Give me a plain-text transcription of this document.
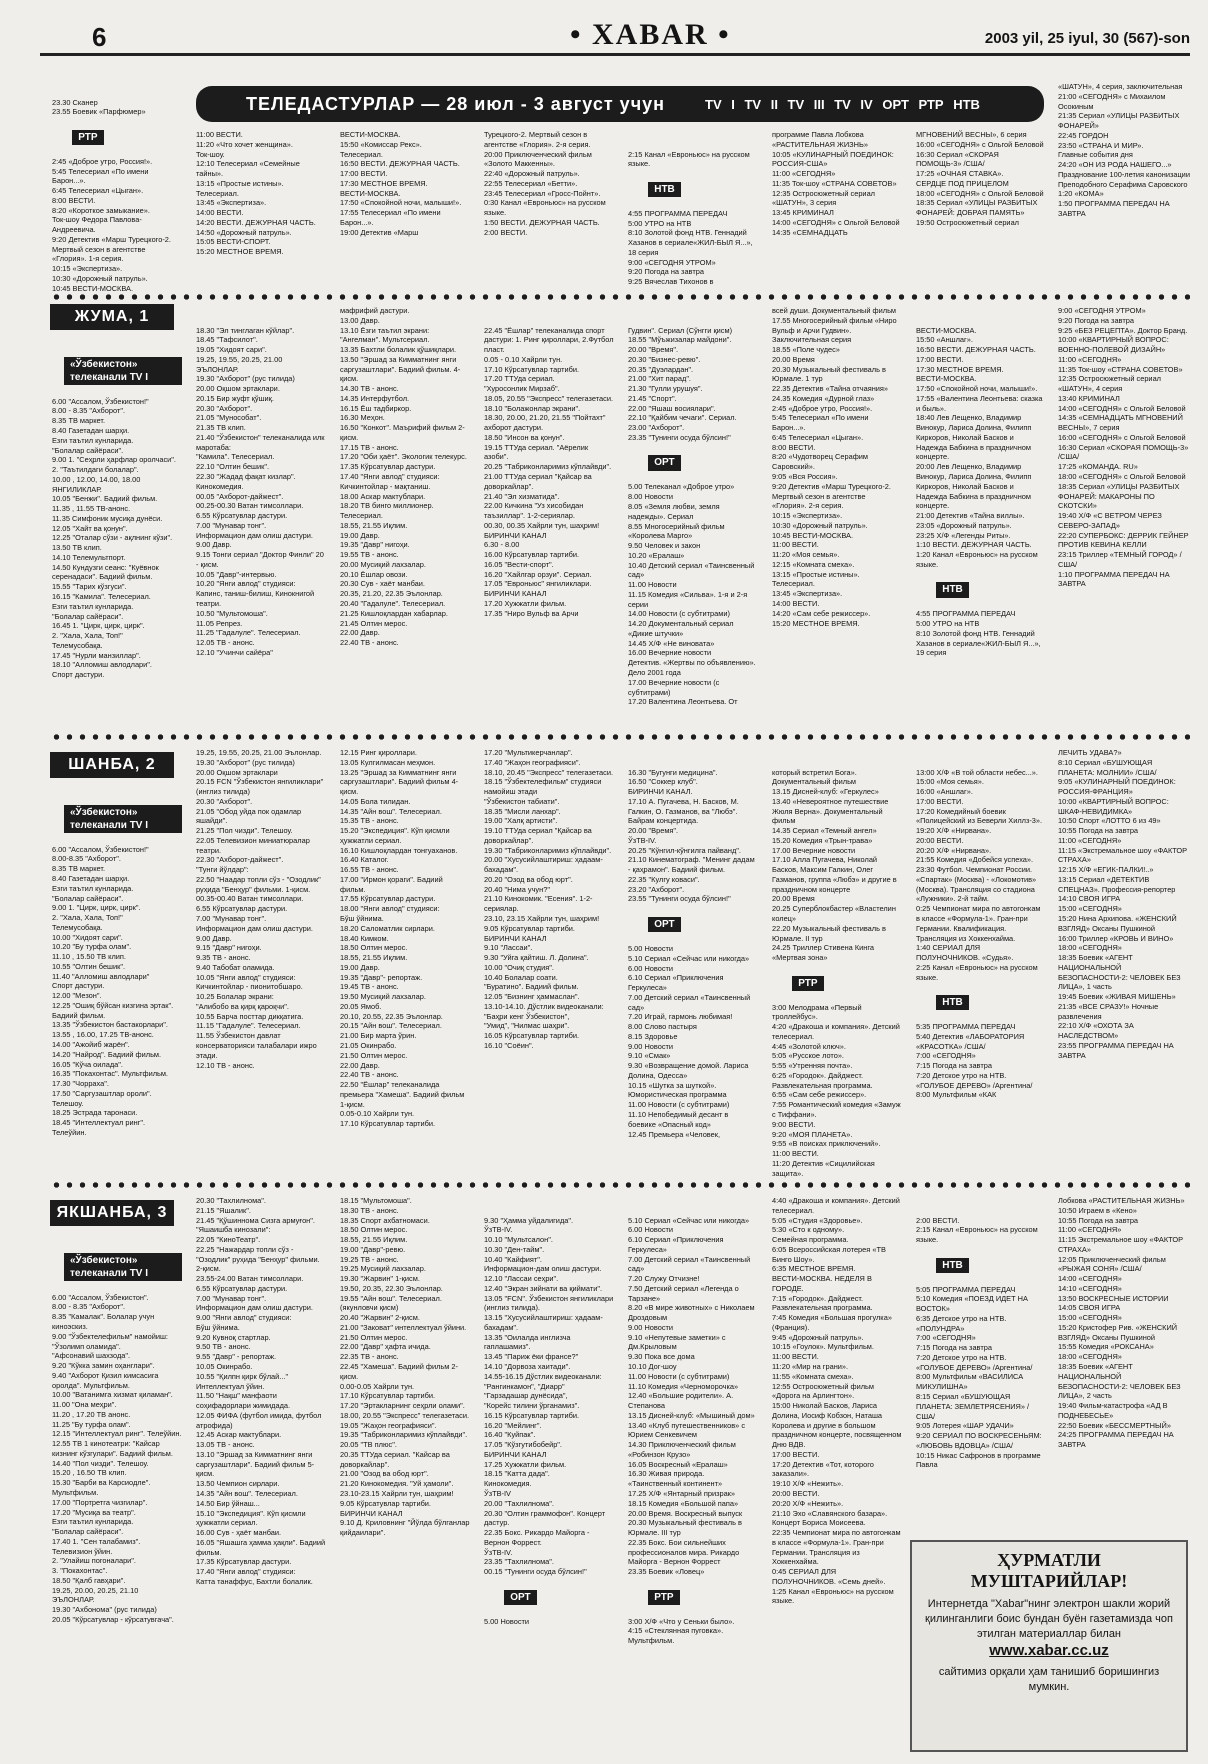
6	• XABAR •	2003 yil, 25 iyul, 30 (567)-son
ТЕЛЕДАСТУРЛАР — 28 июл - 3 август учун	TV I TV II TV III TV IV ОРТ РТР НТВ

23.30 Сканер
23.55 Боевик «Парфюмер»

РТР

2:45 «Доброе утро, Россия!».
5:45 Телесериал «По имени Барон...».
6:45 Телесериал «Цыган».
8:00 ВЕСТИ.
8:20 «Короткое замыкание».
Ток-шоу Федора Павлова-Андреевича.
9:20 Детектив «Марш Турецкого-2. Мертвый сезон в агентстве «Глория». 1-я серия.
10:15 «Экспертиза».
10:30 «Дорожный патруль».
10:45 ВЕСТИ-МОСКВА.

11:00 ВЕСТИ.
11:20 «Что хочет женщина».
Ток-шоу.
12:10 Телесериал «Семейные тайны».
13:15 «Простые истины».
Телесериал.
13:45 «Экспертиза».
14:00 ВЕСТИ.
14:20 ВЕСТИ. ДЕЖУРНАЯ ЧАСТЬ.
14:50 «Дорожный патруль».
15:05 ВЕСТИ-СПОРТ.
15:20 МЕСТНОЕ ВРЕМЯ.
ВЕСТИ-МОСКВА.
15:50 «Комиссар Рекс».
Телесериал.
16:50 ВЕСТИ. ДЕЖУРНАЯ ЧАСТЬ.
17:00 ВЕСТИ.
17:30 МЕСТНОЕ ВРЕМЯ.
ВЕСТИ-МОСКВА.
17:50 «Спокойной ночи, малыши!».
17:55 Телесериал «По имени Барон...».
19:00 Детектив «Марш
Турецкого-2. Мертвый сезон в агентстве «Глория». 2-я серия.
20:00 Приключенческий фильм «Золото Маккенны».
22:40 «Дорожный патруль».
22:55 Телесериал «Бетти».
23:45 Телесериал «Гросс-Пойнт».
0:30 Канал «Евроньюс» на русском языке.
1:50 ВЕСТИ. ДЕЖУРНАЯ ЧАСТЬ.
2:00 ВЕСТИ.

2:15 Канал «Евроньюс» на русском языке.

НТВ

4:55 ПРОГРАММА ПЕРЕДАЧ
5:00 УТРО на НТВ
8:10 Золотой фонд НТВ. Геннадий Хазанов в сериале«ЖИЛ-БЫЛ Я...», 18 серия
9:00 «СЕГОДНЯ УТРОМ»
9:20 Погода на завтра
9:25 Вячеслав Тихонов в

программе Павла Лобкова «РАСТИТЕЛЬНАЯ ЖИЗНЬ»
10:05 «КУЛИНАРНЫЙ ПОЕДИНОК: РОССИЯ-США»
11:00 «СЕГОДНЯ»
11:35 Ток-шоу «СТРАНА СОВЕТОВ»
12:35 Остросюжетный сериал «ШАТУН», 3 серия
13:45 КРИМИНАЛ
14:00 «СЕГОДНЯ» с Ольгой Беловой
14:35 «СЕМНАДЦАТЬ
МГНОВЕНИЙ ВЕСНЫ», 6 серия
16:00 «СЕГОДНЯ» с Ольгой Беловой
16:30 Сериал «СКОРАЯ ПОМОЩЬ-3» /США/
17:25 «ОЧНАЯ СТАВКА».
СЕРДЦЕ ПОД ПРИЦЕЛОМ
18:00 «СЕГОДНЯ» с Ольгой Беловой
18:35 Сериал «УЛИЦЫ РАЗБИТЫХ ФОНАРЕЙ: ДОБРАЯ ПАМЯТЬ»
19:50 Остросюжетный сериал
«ШАТУН», 4 серия, заключительная
21:00 «СЕГОДНЯ» с Михаилом Осокиным
21:35 Сериал «УЛИЦЫ РАЗБИТЫХ ФОНАРЕЙ»
22:45 ГОРДОН
23:50 «СТРАНА И МИР».
Главные события дня
24:20 «ОН ИЗ РОДА НАШЕГО...» Празднование 100-летия канонизации Преподобного Серафима Саровского
1:20 «КОМА»
1:50 ПРОГРАММА ПЕРЕДАЧ НА ЗАВТРА
ЖУМА, 1

«Ўзбекистон» телеканали TV I

6.00 "Ассалом, Ўзбекистон!"
8.00 - 8.35 "Ахборот".
8.35 ТВ маркет.
8.40 Газетадан шарҳи.
Езги таътил кунларида.
"Болалар сайёраси".
9.00 1. "Сеҳрли ҳарфлар оролчаси".
2. "Таътилдаги болалар".
10.00 , 12.00, 14.00, 18.00 ЯНГИЛИКЛАР.
10.05 "Бенжи". Бадиий фильм.
11.35 , 11.55 ТВ-анонс.
11.35 Симфоник мусиқа дунёси.
12.05 "Хайт ва қонун".
12.25 "Оталар сўзи - ақлнинг кўзи".
13.50 ТВ клип.
14.10 Телемультпорт.
14.50 Кундузги сеанс: "Куёвнок серенадаси". Бадиий фильм.
15.55 "Тарих кўзгуси".
16.15 "Камила". Телесериал.
Езги таътил кунларида.
"Болалар сайёраси".
16.45 1. "Цирк, цирк, цирк".
2. "Хала, Хала, Топ!"
Телемусобақа.
17.45 "Нурли манзиллар".
18.10 "Алломиш авлодлари".
Спорт дастури.

18.30 "Эл тинглаган кўйлар".
18.45 "Тафсилот".
19.05 "Хидоят сари".
19.25, 19.55, 20.25, 21.00 ЭЪЛОНЛАР.
19.30 "Ахборот" (рус тилида)
20.00 Оқшом эртаклари.
20.15 Бир жуфт қўшиқ.
20.30 "Ахборот".
21.05 "Мунособат".
21.35 ТВ клип.
21.40 "Ўзбекистон" телеканалида илк маротаба:
"Камила". Телесериал.
22.10 "Олтин бешик".
22.30 "Жадад фақат кизлар".
Кинокомедия.
00.05 "Ахборот-дайжест".
00.25-00.30 Ватан тимсоллари.
6.55 Кўрсатувлар дастури.
7.00 "Мунавар тонг".
Информацион дам олиш дастури.
9.00 Давр.
9.15 Тонги сериал "Доктор Финли" 20 - қисм.
10.05 "Давр"-интервью.
10.20 "Янги авлод" студияси:
Капинс, таниш-билиш, Кинокнигой театри.
10.50 "Мультомоша".
11.05 Репрез.
11.25 "Гадалуле". Телесериал.
12.05 ТВ - анонс.
12.10 "Учинчи сайёра"

мафрифий дастури.
13.00 Давр.
13.10 Ёзги таътил экрани:
"Ангелман". Мультсериал.
13.35 Бахтли болалик қўшиқлари.
13.50 "Эршад за Кимматнинг янги саргузаштлари". Бадиий фильм. 4-қисм.
14.30 ТВ - анонс.
14.35 Интерфутбол.
16.15 Ёш тадбиркор.
16.30 Меҳон.
16.50 "Конкот". Маърифий фильм 2-қисм.
17.15 ТВ - анонс.
17.20 "Оби ҳаёт". Экологик телекурс.
17.35 Кўрсатувлар дастури.
17.40 "Янги авлод" студияси:
Кичкинтойлар - мақтаниш.
18.00 Аскар мактублари.
18.20 ТВ бинго миллионер.
Телесериал.
18.55, 21.55 Иқлим.
19.00 Давр.
19.35 "Давр" нигоҳи.
19.55 ТВ - анонс.
20.00 Мусиқий лахзалар.
20.10 Ёшлар овози.
20.30 Сув - хаёт манбаи.
20.35, 21.20, 22.35 Эълонлар.
20.40 "Гадалуле". Телесериал.
21.25 Кишлоқлардан хабарлар.
21.45 Олтин мерос.
22.00 Давр.
22.40 ТВ - анонс.

22.45 "Ёшлар" телеканалида спорт дастури: 1. Ринг қироллари, 2.Футбол пласт.
0.05 - 0.10 Хайрли тун.
17.10 Кўрсатувлар тартиби.
17.20 ТТУда сериал.
"Хуросонлик Мирзаб".
18.05, 20.55 "Экспресс" телегазетаси.
18.10 "Болажонлар экрани".
18.30, 20.00, 21.20, 21.55 "Пойтахт" ахборот дастури.
18.50 "Инсон ва қонун".
19.15 ТТУда сериал. "Аёрелик азоби".
20.25 "Табриконларимиз кўплайвди".
21.00 ТТУда сериал "Қайсар ва доворкайлар".
21.40 "Эл хизматида".
22.00 Кичкина "Уз хисобидан таъзиллар". 1-2-сериялар.
00.30, 00.35 Хайрли тун, шаҳрим!
БИРИНЧИ КАНАЛ
6.30 - 8.00
16.00 Кўрсатувлар тартиби.
16.05 "Вести-спорт".
16.20 "Хайлгар орзуи". Сериал.
17.05 "Евроньюс" янгиликлари.
БИРИНЧИ КАНАЛ
17.20 Хужжатли фильм.
17.35 "Ниро Вульф ва Арчи

Гудвин". Сериал (Сўнгги қисм)
18.55 "Мўъжизалар майдони".
20.00 "Время".
20.30 "Бизнес-ревю".
20.35 "Дуэлардан".
21.00 "Хит парад".
21.30 "Гулли урушуя".
21.45 "Спорт".
22.00 "Яшаш восиялари".
22.10 "Қайбим чечаги". Сериал.
23.00 "Ахборот".
23.35 "Тунинги осуда бўлсин!"

ОРТ

5.00 Телеканал «Доброе утро»
8.00 Новости
8.05 «Земля любви, земля надежды». Сериал
8.55 Многосерийный фильм «Королева Марго»
9.50 Человек и закон
10.20 «Ералаш»
10.40 Детский сериал «Таинсвенный сад»
11.00 Новости
11.15 Комедия «Сильва». 1-я и 2-я серии
14.00 Новости (с субтитрами)
14.20 Документальный сериал «Дикие штучки»
14.45 Х/Ф «Не виновата»
16.00 Вечерние новости
Детектив. «Жертвы по объявлению». Дело 2001 года
17.00 Вечерние новости (с субтитрами)
17.20 Валентина Леонтьева. От

всей души. Документальный фильм
17.55 Многосерийный фильм «Ниро Вульф и Арчи Гудвин». Заключительная серия
18.55 «Поле чудес»
20.00 Время
20.30 Музыкальный фестиваль в Юрмале. 1 тур
22.35 Детектив «Тайна отчаяния»
24.35 Комедия «Дурной глаз»
2:45 «Доброе утро, Россия!».
5:45 Телесериал «По имени Барон...».
6:45 Телесериал «Цыган».
8:00 ВЕСТИ.
8:20 «Чудотворец Серафим Саровский».
9:05 «Вся Россия».
9:20 Детектив «Марш Турецкого-2. Мертвый сезон в агентстве «Глория». 2-я серия.
10:15 «Экспертиза».
10:30 «Дорожный патруль».
10:45 ВЕСТИ-МОСКВА.
11:00 ВЕСТИ.
11:20 «Моя семья».
12:15 «Комната смеха».
13:15 «Простые истины».
Телесериал.
13:45 «Экспертиза».
14:00 ВЕСТИ.
14:20 «Сам себе режиссер».
15:20 МЕСТНОЕ ВРЕМЯ.

ВЕСТИ-МОСКВА.
15:50 «Аншлаг».
16:50 ВЕСТИ. ДЕЖУРНАЯ ЧАСТЬ.
17:00 ВЕСТИ.
17:30 МЕСТНОЕ ВРЕМЯ.
ВЕСТИ-МОСКВА.
17:50 «Спокойной ночи, малыши!».
17:55 «Валентина Леонтьева: сказка и быль».
18:40 Лев Лещенко, Владимир Винокур, Лариса Долина, Филипп Киркоров, Николай Басков и Надежда Бабкина в праздничном концерте.
20:00 Лев Лещенко, Владимир Винокур, Лариса Долина, Филипп Киркоров, Николай Басков и Надежда Бабкина в праздничном концерте.
21:00 Детектив «Тайна виллы».
23:05 «Дорожный патруль».
23:25 Х/Ф «Легенды Риты».
1:10 ВЕСТИ. ДЕЖУРНАЯ ЧАСТЬ.
1:20 Канал «Евроньюс» на русском языке.

НТВ

4:55 ПРОГРАММА ПЕРЕДАЧ
5:00 УТРО на НТВ
8:10 Золотой фонд НТВ. Геннадий Хазанов в сериале«ЖИЛ-БЫЛ Я...», 19 серия

9:00 «СЕГОДНЯ УТРОМ»
9:20 Погода на завтра
9:25 «БЕЗ РЕЦЕПТА». Доктор Бранд.
10:00 «КВАРТИРНЫЙ ВОПРОС: ВОЕННО-ПОЛЕВОЙ ДИЗАЙН»
11:00 «СЕГОДНЯ»
11:35 Ток-шоу «СТРАНА СОВЕТОВ»
12:35 Остросюжетный сериал «ШАТУН», 4 серия
13:40 КРИМИНАЛ
14:00 «СЕГОДНЯ» с Ольгой Беловой
14:35 «СЕМНАДЦАТЬ МГНОВЕНИЙ ВЕСНЫ», 7 серия
16:00 «СЕГОДНЯ» с Ольгой Беловой
16:30 Сериал «СКОРАЯ ПОМОЩЬ-3» /США/
17:25 «КОМАНДА. RU»
18:00 «СЕГОДНЯ» с Ольгой Беловой
18:35 Сериал «УЛИЦЫ РАЗБИТЫХ ФОНАРЕЙ: МАКАРОНЫ ПО СКОТСКИ»
19:40 Х/Ф «С ВЕТРОМ ЧЕРЕЗ СЕВЕРО-ЗАПАД»
22:20 СУПЕРБОКС: ДЕРРИК ГЕЙНЕР ПРОТИВ КЕВИНА КЕЛЛИ
23:15 Триллер «ТЕМНЫЙ ГОРОД» /США/
1:10 ПРОГРАММА ПЕРЕДАЧ НА ЗАВТРА
ШАНБА, 2

«Ўзбекистон» телеканали TV I

6.00 "Ассалом, Ўзбекистон!"
8.00-8.35 "Ахборот".
8.35 ТВ маркет.
8.40 Газетадан шарҳи.
Езги таътил кунларида.
"Болалар сайёраси".
9.00 1. "Цирк, цирк, цирк".
2. "Хала, Хала, Топ!"
Телемусобақа.
10.00 "Хидоят сари".
10.20 "Бу турфа олам".
11.10 , 15.50 ТВ клип.
10.55 "Олтин бешик".
11.40 "Алломиш авлодлари"
Спорт дастури.
12.00 "Мезон".
12.25 "Ошиқ бўйсан кизгина эртак". Бадиий фильм.
13.35 "Ўзбекистон бастакорлари".
13.55 , 16.00, 17.25 ТВ-анонс.
14.00 "Ажойиб жарён".
14.20 "Найрод". Бадиий фильм.
16.05 "Кўча оилада".
16.35 "Покахонтас". Мультфильм.
17.30 "Чорраха".
17.50 "Саргузаштлар ороли". Телешоу.
18.25 Эстрада таронаси.
18.45 "Интеллектуал ринг".
Телеўйин.

19.25, 19.55, 20.25, 21.00 Эълонлар.
19.30 "Ахборот" (рус тилида)
20.00 Оқшом эртаклари
20.15 FCN "Ўзбекистон янгиликлари" (инглиз тилида)
20.30 "Ахборот".
21.05 "Обод уйда пок одамлар яшайди".
21.25 "Пол чизди". Телешоу.
22.05 Телевизион миниатюралар театри.
22.30 "Ахборот-дайжест".
"Тунги йўлдар":
22.50 "Наадар топли сўз - "Озодлик" руҳида "Бенҳур" фильми. 1-қисм.
00.35-00.40 Ватан тимсоллари.
6.55 Кўрсатувлар дастури.
7.00 "Мунавар тонг".
Информацион дам олиш дастури.
9.00 Давр.
9.15 "Давр" нигоҳи.
9.35 ТВ - анонс.
9.40 Табобат оламида.
10.05 "Янги авлод" студияси:
Кичкинтойлар - пионитобшаро.
10.25 Болалар экрани:
"Алибобо ва қирқ қароқчи".
10.55 Барча посттар дикқатига.
11.15 "Гадалуле". Телесериал.
11.55 Ўзбекистон давлат консерваторияси талабалари ижро этади.
12.10 ТВ - анонс.
12.15 Ринг қироллари.
13.05 Кулгилмасан меҳмон.
13.25 "Эршад за Кимматнинг янги саргузаштлари". Бадиий фильм 4-қисм.
14.05 Бола тилидан.
14.35 "Айн вош". Телесериал.
15.35 ТВ - анонс.
15.20 "Экспедиция". Кўп қисмли ҳужжатли сериал.
16.10 Кишлоқлардан тонгуаханов.
16.40 Каталог.
16.55 ТВ - анонс.
17.00 "Ирмон қораги". Бадиий фильм.
17.55 Кўрсатувлар дастури.
18.00 "Янги авлод" студияси:
Бўш ўйнима.
18.20 Саломатлик сирлари.
18.40 Кимком.
18.50 Олтин мерос.
18.55, 21.55 Иқлим.
19.00 Давр.
19.35 "Давр"- репортаж.
19.45 ТВ - анонс.
19.50 Мусиқий лахзалар.
20.05 Ямоб.
20.10, 20.55, 22.35 Эълонлар.
20.15 "Айн вош". Телесериал.
21.00 Бир марта ўрин.
21.05 Окинрабо.
21.50 Олтин мерос.
22.00 Давр.
22.40 ТВ - анонс.
22.50 "Ёшлар" телеканалида премьера "Хамеша". Бадиий фильм 1-қисм.
0.05-0.10 Хайрли тун.
17.10 Кўрсатувлар тартиби.
17.20 "Мультикерчанлар".
17.40 "Жаҳон географияси".
18.10, 20.45 "Экспресс" телегазетаси.
18.15 "Ўзбектелефильм" студияси намойиш этади
"Ўзбекистон табиати".
18.35 "Мисли ланхар".
19.00 "Халқ артисти".
19.10 ТТУда сериал "Қайсар ва доворкайлар".
19.30 "Табриконларимиз кўплайвди".
20.00 "Хусусийлаштириш: ҳадаам-бахадам".
20.20 "Озод ва обод юрт".
20.40 "Нима учун?"
21.10 Кинокомик. "Есения". 1-2-сериялар.
23.10, 23.15 Хайрли тун, шаҳрим!
9.05 Кўрсатувлар тартиби.
БИРИНЧИ КАНАЛ
9.10 "Лассаи".
9.30 "Уйга қайтиш. Л. Долина".
10.00 "Очиқ студия".
10.40 Болалар соати.
"Буратино". Бадиий фильм.
12.05 "Бизнинг ҳаммаслан".
13.10-14.10. Дўстлик видеоканали: "Баҳри кенг Ўзбекистон",
"Умид", "Нилмас шаҳри".
16.05 Кўрсатувлар тартиби.
16.10 "Соёин".

16.30 "Бугунги медицина".
16.50 "Соккер клуб".
БИРИНЧИ КАНАЛ.
17.10 А. Пугачева, Н. Басков, М. Галкин, О. Газманов, ва "Любэ".
Байрам концертида.
20.00 "Время".
ЎзТВ-IV.
20.25 "Кўнгил-кўнгилга пайванд".
21.10 Кинематограф. "Менинг дадам - қаҳрамон". Бадиий фильм.
22.35 "Кулгу коваси".
23.20 "Ахборот".
23.55 "Тунинги осуда бўлсин!"

ОРТ

5.00 Новости
5.10 Сериал «Сейчас или никогда»
6.00 Новости
6.10 Сериал «Приключения Геркулеса»
7.00 Детский сериал «Таинсвенный сад»
7.20 Играй, гармонь любимая!
8.00 Слово пастыря
8.15 Здоровье
9.00 Новости
9.10 «Смак»
9.30 «Возвращение домой. Лариса Долина, Одесса»
10.15 «Шутка за шуткой». Юмористическая программа
11.00 Новости (с субтитрами)
11.10 Непобедимый десант в боевике «Опасный код»
12.45 Премьера «Человек,

который встретил Бога». Документальный фильм
13.15 Дисней-клуб: «Геркулес»
13.40 «Невероятное путешествие Жюля Верна». Документальный фильм
14.35 Сериал «Темный ангел»
15.20 Комедия «Трын-трава»
17.00 Вечерние новости
17.10 Алла Пугачева, Николай Басков, Максим Галкин, Олег Газманов, группа «Любэ» и другие в праздничном концерте
20.00 Время
20.25 Суперблокбастер «Властелин колец»
22.20 Музыкальный фестиваль в Юрмале. II тур
24.25 Триллер Стивена Кинга «Мертвая зона»

РТР

3:00 Мелодрама «Первый троллейбус».
4:20 «Дракоша и компания». Детский телесериал.
4:45 «Золотой ключ».
5:05 «Русское лото».
5:55 «Утренняя почта».
6:25 «Городок». Дайджест.
Развлекательная программа.
6:55 «Сам себе режиссер».
7:55 Романтический комедия «Замуж с Тиффани».
9:00 ВЕСТИ.
9:20 «МОЯ ПЛАНЕТА».
9:55 «В поисках приключений».
11:00 ВЕСТИ.
11:20 Детектив «Сицилийская защита».

13:00 Х/Ф «В той области небес...».
15:00 «Моя семья».
16:00 «Аншлаг».
17:00 ВЕСТИ.
17:20 Комедийный боевик «Полицейский из Беверли Хиллз-3».
19:20 Х/Ф «Нирвана».
20:00 ВЕСТИ.
20:20 Х/Ф «Нирвана».
21:55 Комедия «Добейся успеха».
23:30 Футбол. Чемпионат России. «Спартак» (Москва) - «Локомотив» (Москва). Трансляция со стадиона «Лужники». 2-й тайм.
0:25 Чемпионат мира по автогонкам в классе «Формула-1». Гран-при Германии. Квалификация. Трансляция из Хоккенхайма.
1:40 СЕРИАЛ ДЛЯ ПОЛУНОЧНИКОВ. «Судья».
2:25 Канал «Евроньюс» на русском языке.

НТВ

5:35 ПРОГРАММА ПЕРЕДАЧ
5:40 Детектив «ЛАБОРАТОРИЯ «КРАСОТКА» /США/
7:00 «СЕГОДНЯ»
7:15 Погода на завтра
7:20 Детское утро на НТВ.
«ГОЛУБОЕ ДЕРЕВО» /Аргентина/
8:00 Мультфильм «КАК

ЛЕЧИТЬ УДАВА?»
8:10 Сериал «БУШУЮЩАЯ ПЛАНЕТА: МОЛНИИ» /США/
9:05 «КУЛИНАРНЫЙ ПОЕДИНОК: РОССИЯ-ФРАНЦИЯ»
10:00 «КВАРТИРНЫЙ ВОПРОС: ШКАФ-НЕВИДИМКА»
10:50 Спорт «ЛОТТО 6 из 49»
10:55 Погода на завтра
11:00 «СЕГОДНЯ»
11:15 «Экстремальное шоу «ФАКТОР СТРАХА»
12:15 Х/Ф «ЕГИК-ПАЛКИ!..»
13:15 Сериал «ДЕТЕКТИВ СПЕЦНАЗ». Профессия-репортер
14:10 СВОЯ ИГРА
15:00 «СЕГОДНЯ»
15:20 Нина Архипова. «ЖЕНСКИЙ ВЗГЛЯД» Оксаны Пушкиной
16:00 Триллер «КРОВЬ И ВИНО»
18:00 «СЕГОДНЯ»
18:35 Боевик «АГЕНТ НАЦИОНАЛЬНОЙ БЕЗОПАСНОСТИ-2: ЧЕЛОВЕК БЕЗ ЛИЦА», 1 часть
19:45 Боевик «ЖИВАЯ МИШЕНЬ»
21:35 «ВСЕ СРАЗУ!» Ночные развлечения
22:10 Х/Ф «ОХОТА ЗА НАСЛЕДСТВОМ»
23:55 ПРОГРАММА ПЕРЕДАЧ НА ЗАВТРА
ЯКШАНБА, 3

«Ўзбекистон» телеканали TV I

6.00 "Ассалом, Ўзбекистон".
8.00 - 8.35 "Ахборот".
8.35 "Камалак". Болалар учун киноэскиз.
9.00 "Ўзбектелефильм" намойиш: "Ўзолимп оламида".
"Афсонавий шахзода".
9.20 "Кўкка замин оҳанглари".
9.40 "Ахборот Қизил кимсасига оролда". Мультфильм.
10.00 "Ватанимга хизмат қиламан".
11.00 "Она меҳри".
11.20 , 17.20 ТВ анонс.
11.25 "Бу турфа олам".
12.15 "Интеллектуал ринг". Телеўйин.
12.55 ТВ 1 кинотеатри: "Кайсар кизнинг кўзгулари". Бадиий фильм.
14.40 "Пол чизди". Телешоу.
15.20 , 16.50 ТВ клип.
15.30 "Барби ва Карсиодле". Мультфильм.
17.00 "Портретга чизгилар".
17.20 "Мусиқа ва театр".
Езги таътил кунларида.
"Болалар сайёраси".
17.40 1. "Сен талабамиз". Телевизион ўйин.
2. "Улайиш погоналари".
3. "Покахонтас".
18.50 "Қалб гавҳари".
19.25, 20.00, 20.25, 21.10 ЭЪЛОНЛАР.
19.30 "Ахбонома" (рус тилида)
20.05 "Кўрсатувлар - кўрсатувгача".

20.30 "Тахлилнома".
21.15 "Яшалик".
21.45 "Қўшиннома Сизга армуғон".
"Яшаишба кинозали":
22.05 "КиноТеатр".
22.25 "Нажардар топли сўз - "Озодлик" руҳида "Бенҳур" фильми. 2-қисм.
23.55-24.00 Ватан тимсоллари.
6.55 Кўрсатувлар дастури.
7.00 "Мунавар тонг".
Информацион дам олиш дастури.
9.00 "Янги авлод" студияси:
Бўш ўйнима.
9.20 Кувноқ стартлар.
9.50 ТВ - анонс.
9.55 "Давр" - репортаж.
10.05 Окинрабо.
10.55 "Қилпн қирк бўлай..."
Интеллектуал ўйин.
11.50 "Нақш" манфаоти соҳифадорлари жимидада.
12.05 ФИФА (футбол имида, футбол атрофида)
12.45 Аскар мактублари.
13.05 ТВ - анонс.
13.10 "Эршад за Кимматнинг янги саргузаштлари". Бадиий фильм 5-қисм.
13.50 Чемпион сирлари.
14.35 "Айн вош". Телесериал.
14.50 Бир ўйнаш...
15.10 "Экспедиция". Кўп қисмли ҳужжатли сериал.
16.00 Сув - ҳаёт манбаи.
16.05 "Яшашга ҳамма ҳақли". Бадиий фильм.
17.35 Кўрсатувлар дастури.
17.40 "Янги авлод" студияси:
Катта танаффус, Бахтли болалик.
18.15 "Мультомоша".
18.30 ТВ - анонс.
18.35 Спорт ахбатномаси.
18.50 Олтин мерос.
18.55, 21.55 Иқлим.
19.00 "Давр"-ревю.
19.25 ТВ - анонс.
19.25 Мусиқий лахзалар.
19.30 "Жарвин" 1-қисм.
19.50, 20.35, 22.30 Эълонлар.
19.55 "Айн вош". Телесериал.
(якунловчи қисм)
20.40 "Жарвин" 2-қисм.
21.00 "Заковат" интеллектуал ўйини.
21.50 Олтин мерос.
22.00 "Давр" ҳафта ичида.
22.35 ТВ - анонс.
22.45 "Хамеша". Бадиий фильм 2-қисм.
0.00-0.05 Хайрли тун.
17.10 Кўрсатувлар тартиби.
17.20 "Эртакларнинг сеҳрли олами".
18.00, 20.55 "Экспресс" телегазетаси.
19.05 "Жаҳон географияси".
19.35 "Табриконларимиз кўплайвди".
20.05 "ТВ плюс".
20.35 ТТУда сериал. "Кайсар ва доворкайлар".
21.00 "Озод ва обод юрт".
21.20 Кинокомедия. "Уй ҳамоли".
23.10-23.15 Хайрли тун, шаҳрим!
9.05 Кўрсатувлар тартиби.
БИРИНЧИ КАНАЛ
9.10 Д. Криловнинг "Йўлда бўлганлар қийдаилари".

9.30 "Ҳамма уйдалигида".
ЎзТВ-IV.
10.10 "Мультсалон".
10.30 "Ден-тайм".
10.40 "Кайфият".
Информацион-дам олиш дастури.
12.10 "Лассаи сеҳри".
12.40 "Экран зийнати ва қиймати".
13.05 "FCN". Ўзбекистон янгиликлари (инглиз тилида).
13.15 "Хусусийлаштириш: ҳадаам-бахадам".
13.35 "Оилалда инглизча гаплашамиз".
13.45 "Париж ёки франсе?"
14.10 "Дорвоза хаитади".
14.55-16.15 Дўстлик видеоканали: "Рангинкамон", "Диарр"
"Гарзадашар дунёсида",
"Корейс тилини ўрганамиз".
16.15 Кўрсатувлар тартиби.
16.20 "Мейлинг".
16.40 "Куйпак".
17.05 "Кўзгутибобейр".
БИРИНЧИ КАНАЛ
17.25 Хужжатли фильм.
18.15 "Катта дада".
Кинокомедия.
ЎзТВ-IV
20.00 "Тахлилнома".
20.30 "Олтин граммофон". Концерт дастур.
22.35 Бокс. Рикардо Майорга - Вернон Форрест.
ЎзТВ-IV.
23.35 "Тахлилнома".
00.15 "Тунинги осуда бўлсин!"

ОРТ

5.00 Новости

5.10 Сериал «Сейчас или никогда»
6.00 Новости
6.10 Сериал «Приключения Геркулеса»
7.00 Детский сериал «Таинсвенный сад»
7.20 Служу Отчизне!
7.50 Детский сериал «Легенда о Тарзане»
8.20 «В мире животных» с Николаем Дроздовым
9.00 Новости
9.10 «Непутевые заметки» с Дм.Крыловым
9.30 Пока все дома
10.10 Дог-шоу
11.00 Новости (с субтитрами)
11.10 Комедия «Черноморочка»
12.40 «Большие родители». А. Степанова
13.15 Дисней-клуб: «Мышиный дом»
13.40 «Клуб путешественников» с Юрием Сенкевичем
14.30 Приключенческий фильм «Робинзон Крузо»
16.05 Воскресный «Ералаш»
16.30 Живая природа. «Таинственный континент»
17.25 Х/Ф «Янтарный призрак»
18.15 Комедия «Большой папа»
20.00 Время. Воскресный выпуск
20.30 Музыкальный фестиваль в Юрмале. III тур
22.35 Бокс. Бои сильнейших профессионалов мира. Рикардо Майорга - Вернон Форрест
23.35 Боевик «Ловец»

РТР

3:00 Х/Ф «Что у Сеньки было».
4:15 «Стеклянная пуговка». Мультфильм.

4:40 «Дракоша и компания». Детский телесериал.
5:05 «Студия «Здоровье».
5:30 «Сто к одному».
Семейная программа.
6:05 Всероссийская лотерея «ТВ Бинго Шоу».
6:35 МЕСТНОЕ ВРЕМЯ.
ВЕСТИ-МОСКВА. НЕДЕЛЯ В ГОРОДЕ.
7:15 «Городок». Дайджест.
Развлекательная программа.
7:45 Комедия «Большая прогулка» (Франция).
9:45 «Дорожный патруль».
10:15 «Гоулок». Мультфильм.
11:00 ВЕСТИ.
11:20 «Мир на грани».
11:55 «Комната смеха».
12:55 Остросюжетный фильм «Дорога на Арлингтон».
15:00 Николай Басков, Лариса Долина, Иосиф Кобзон, Наташа Королева и другие в большом праздничном концерте, посвященном Дню ВДВ.
17:00 ВЕСТИ.
17:20 Детектив «Тот, которого заказали».
19:10 Х/Ф «Нежить».
20:00 ВЕСТИ.
20:20 Х/Ф «Нежить».
21:10 Эхо «Славянского базара». Концерт Бориса Моисеева.
22:35 Чемпионат мира по автогонкам в классе «Формула-1». Гран-при Германии. Трансляция из Хоккенхайма.
0:45 СЕРИАЛ ДЛЯ ПОЛУНОЧНИКОВ. «Семь дней».
1:25 Канал «Евроньюс» на русском языке.

2:00 ВЕСТИ.
2:15 Канал «Евроньюс» на русском языке.

НТВ

5:05 ПРОГРАММА ПЕРЕДАЧ
5:10 Комедия «ПОЕЗД ИДЕТ НА ВОСТОК»
6:35 Детское утро на НТВ. «ПОЛУНДРА»
7:00 «СЕГОДНЯ»
7:15 Погода на завтра
7:20 Детское утро на НТВ. «ГОЛУБОЕ ДЕРЕВО» /Аргентина/
8:00 Мультфильм «ВАСИЛИСА МИКУЛИШНА»
8:15 Сериал «БУШУЮЩАЯ ПЛАНЕТА: ЗЕМЛЕТРЯСЕНИЯ» /США/
9:05 Лотерея «ШАР УДАЧИ»
9:20 СЕРИАЛ ПО ВОСКРЕСЕНЬЯМ: «ЛЮБОВЬ ВДОВЦА» /США/
10:15 Никас Сафронов в программе Павла

Лобкова «РАСТИТЕЛЬНАЯ ЖИЗНЬ»
10:50 Играем в «Кено»
10:55 Погода на завтра
11:00 «СЕГОДНЯ»
11:15 Экстремальное шоу «ФАКТОР СТРАХА»
12:05 Приключенческий фильм «РЫЖАЯ СОНЯ» /США/
14:00 «СЕГОДНЯ»
14:10 «СЕГОДНЯ»
13:50 ВОСКРЕСНЫЕ ИСТОРИИ
14:05 СВОЯ ИГРА
15:00 «СЕГОДНЯ»
15:20 Кристофер Рив. «ЖЕНСКИЙ ВЗГЛЯД» Оксаны Пушкиной
15:55 Комедия «РОКСАНА»
18:00 «СЕГОДНЯ»
18:35 Боевик «АГЕНТ НАЦИОНАЛЬНОЙ БЕЗОПАСНОСТИ-2: ЧЕЛОВЕК БЕЗ ЛИЦА», 2 часть
19:40 Фильм-катастрофа «АД В ПОДНЕБЕСЬЕ»
22:50 Боевик «БЕССМЕРТНЫЙ»
24:25 ПРОГРАММА ПЕРЕДАЧ НА ЗАВТРА
ҲУРМАТЛИ МУШТАРИЙЛАР!
Интернетда "Xabar"нинг электрон шакли жорий қилинганлиги боис бундан буён газетамизда чоп этилган материаллар билан
www.xabar.cc.uz
сайтимиз орқали ҳам танишиб боришингиз мумкин.
